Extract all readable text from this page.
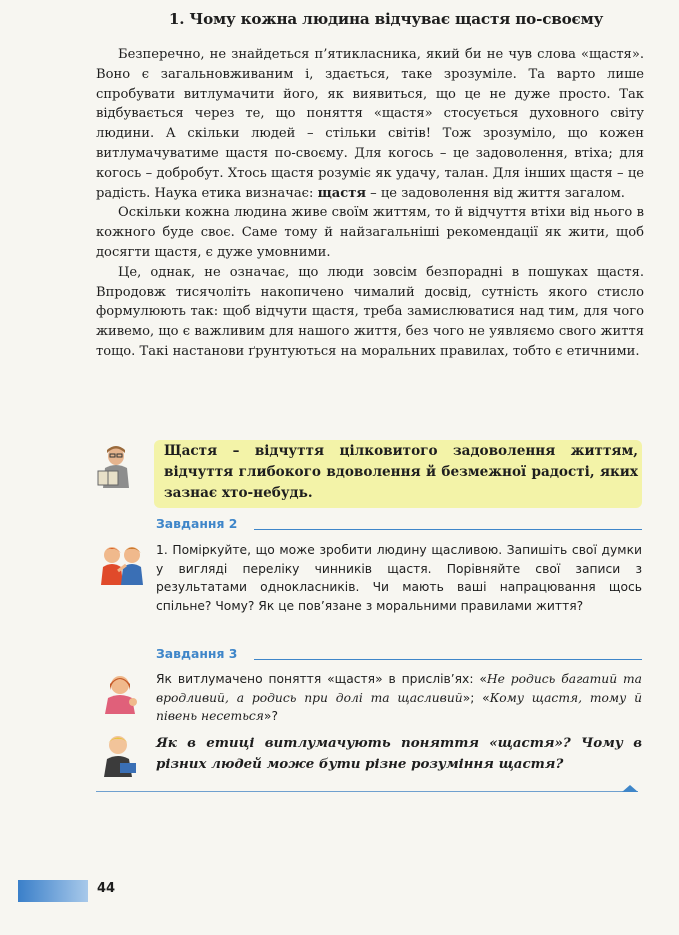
1. Чому кожна людина відчуває щастя по-своєму

Безперечно, не знайдеться п’ятикласника, який би не чув слова «щастя». Воно є загальновживаним і, здається, таке зрозуміле. Та варто лише спробувати витлумачити його, як виявиться, що це не дуже просто. Так відбувається через те, що поняття «щастя» стосується духовного світу людини. А скільки людей – стільки світів! Тож зрозуміло, що кожен витлумачуватиме щастя по-своєму. Для когось – це задоволення, втіха; для когось – добробут. Хтось щастя розуміє як удачу, талан. Для інших щастя – це радість. Наука етика визначає: щастя – це задоволення від життя загалом.

Оскільки кожна людина живе своїм життям, то й відчуття втіхи від нього в кожного буде своє. Саме тому й найзагальніші рекомендації як жити, щоб досягти щастя, є дуже умовними.

Це, однак, не означає, що люди зовсім безпорадні в пошуках щастя. Впродовж тисячоліть накопичено чималий досвід, сутність якого стисло формулюють так: щоб відчути щастя, треба замислюватися над тим, для чого живемо, що є важливим для нашого життя, без чого не уявляємо свого життя тощо. Такі настанови ґрунтуються на моральних правилах, тобто є етичними.

Щастя – відчуття цілковитого задоволення життям, відчуття глибокого вдоволення й безмежної радості, яких зазнає хто-небудь.
Завдання 2
1. Поміркуйте, що може зробити людину щасливою. Запишіть свої думки у вигляді переліку чинників щастя. Порівняйте свої записи з результатами однокласників. Чи мають ваші напрацювання щось спільне? Чому? Як це пов’язане з моральними правилами життя?
Завдання 3
Як витлумачено поняття «щастя» в прислів’ях: «Не родись багатий та вродливий, а родись при долі та щасливий»; «Кому щастя, тому й півень несеться»?
Як в етиці витлумачують поняття «щастя»? Чому в різних людей може бути різне розуміння щастя?
44
